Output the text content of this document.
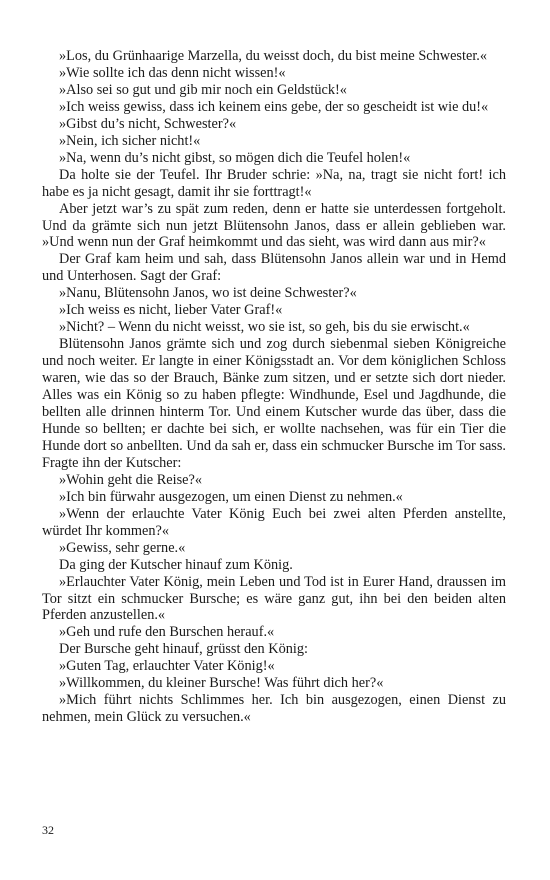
»Los, du Grünhaarige Marzella, du weisst doch, du bist meine Schwester.«

»Wie sollte ich das denn nicht wissen!«

»Also sei so gut und gib mir noch ein Geldstück!«

»Ich weiss gewiss, dass ich keinem eins gebe, der so gescheidt ist wie du!«

»Gibst du’s nicht, Schwester?«

»Nein, ich sicher nicht!«

»Na, wenn du’s nicht gibst, so mögen dich die Teufel holen!«

Da holte sie der Teufel. Ihr Bruder schrie: »Na, na, tragt sie nicht fort! ich habe es ja nicht gesagt, damit ihr sie forttragt!«

Aber jetzt war’s zu spät zum reden, denn er hatte sie unterdessen fortgeholt. Und da grämte sich nun jetzt Blütensohn Janos, dass er allein geblieben war. »Und wenn nun der Graf heimkommt und das sieht, was wird dann aus mir?«

Der Graf kam heim und sah, dass Blütensohn Janos allein war und in Hemd und Unterhosen. Sagt der Graf:

»Nanu, Blütensohn Janos, wo ist deine Schwester?«

»Ich weiss es nicht, lieber Vater Graf!«

»Nicht? – Wenn du nicht weisst, wo sie ist, so geh, bis du sie erwischt.«

Blütensohn Janos grämte sich und zog durch siebenmal sieben Königreiche und noch weiter. Er langte in einer Königsstadt an. Vor dem königlichen Schloss waren, wie das so der Brauch, Bänke zum sitzen, und er setzte sich dort nieder. Alles was ein König so zu haben pflegte: Windhunde, Esel und Jagdhunde, die bellten alle drinnen hinterm Tor. Und einem Kutscher wurde das über, dass die Hunde so bellten; er dachte bei sich, er wollte nachsehen, was für ein Tier die Hunde dort so anbellten. Und da sah er, dass ein schmucker Bursche im Tor sass. Fragte ihn der Kutscher:

»Wohin geht die Reise?«

»Ich bin fürwahr ausgezogen, um einen Dienst zu nehmen.«

»Wenn der erlauchte Vater König Euch bei zwei alten Pferden anstellte, würdet Ihr kommen?«

»Gewiss, sehr gerne.«

Da ging der Kutscher hinauf zum König.

»Erlauchter Vater König, mein Leben und Tod ist in Eurer Hand, draussen im Tor sitzt ein schmucker Bursche; es wäre ganz gut, ihn bei den beiden alten Pferden anzustellen.«

»Geh und rufe den Burschen herauf.«

Der Bursche geht hinauf, grüsst den König:

»Guten Tag, erlauchter Vater König!«

»Willkommen, du kleiner Bursche! Was führt dich her?«

»Mich führt nichts Schlimmes her. Ich bin ausgezogen, einen Dienst zu nehmen, mein Glück zu versuchen.«

32
